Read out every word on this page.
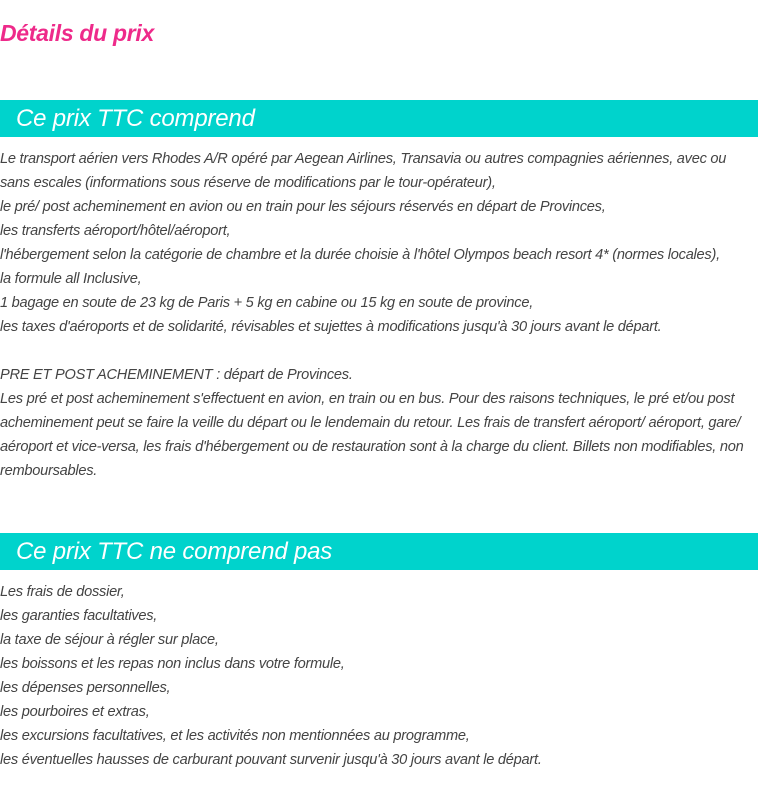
Détails du prix
Ce prix TTC comprend

Le transport aérien vers Rhodes A/R opéré par Aegean Airlines, Transavia ou autres compagnies aériennes, avec ou sans escales (informations sous réserve de modifications par le tour-opérateur),

le pré/ post acheminement en avion ou en train pour les séjours réservés en départ de Provinces,

les transferts aéroport/hôtel/aéroport,

l'hébergement selon la catégorie de chambre et la durée choisie à l'hôtel Olympos beach resort 4* (normes locales),

la formule all Inclusive,

1 bagage en soute de 23 kg de Paris + 5 kg en cabine ou 15 kg en soute de province,

les taxes d'aéroports et de solidarité, révisables et sujettes à modifications jusqu'à 30 jours avant le départ.

PRE ET POST ACHEMINEMENT : départ de Provinces.

Les pré et post acheminement s'effectuent en avion, en train ou en bus. Pour des raisons techniques, le pré et/ou post acheminement peut se faire la veille du départ ou le lendemain du retour. Les frais de transfert aéroport/ aéroport, gare/ aéroport et vice-versa, les frais d'hébergement ou de restauration sont à la charge du client. Billets non modifiables, non remboursables.

Ce prix TTC ne comprend pas

Les frais de dossier,

les garanties facultatives,

la taxe de séjour à régler sur place,

les boissons et les repas non inclus dans votre formule,

les dépenses personnelles,

les pourboires et extras,

les excursions facultatives, et les activités non mentionnées au programme,

les éventuelles hausses de carburant pouvant survenir jusqu'à 30 jours avant le départ.
